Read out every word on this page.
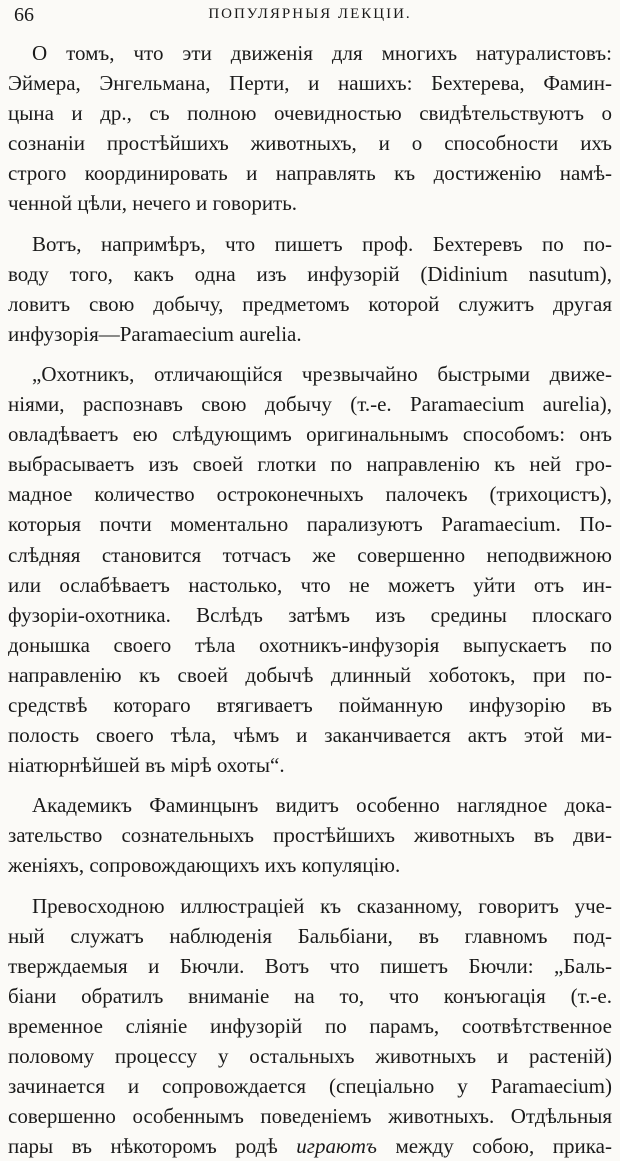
66	ПОПУЛЯРНЫЯ ЛЕКЦІИ.

О томъ, что эти движенія для многихъ натуралистовъ:
Эймера, Энгельмана, Перти, и нашихъ: Бехтерева, Фамин-
цына и др., съ полною очевидностью свидѣтельствуютъ о
сознаніи простѣйшихъ животныхъ, и о способности ихъ
строго координировать и направлять къ достиженію намѣ-
ченной цѣли, нечего и говорить.

Вотъ, напримѣръ, что пишетъ проф. Бехтеревъ по по-
воду того, какъ одна изъ инфузорій (Didinium nasutum),
ловитъ свою добычу, предметомъ которой служитъ другая
инфузорія—Paramaecium aurelia.

„Охотникъ, отличающійся чрезвычайно быстрыми движе-
ніями, распознавъ свою добычу (т.-е. Paramaecium aurelia),
овладѣваетъ ею слѣдующимъ оригинальнымъ способомъ: онъ
выбрасываетъ изъ своей глотки по направленію къ ней гро-
мадное количество остроконечныхъ палочекъ (трихоцистъ),
которыя почти моментально парализуютъ Paramaecium. По-
слѣдняя становится тотчасъ же совершенно неподвижною
или ослабѣваетъ настолько, что не можетъ уйти отъ ин-
фузоріи-охотника. Вслѣдъ затѣмъ изъ средины плоскаго
донышка своего тѣла охотникъ-инфузорія выпускаетъ по
направленію къ своей добычѣ длинный хоботокъ, при по-
средствѣ котораго втягиваетъ пойманную инфузорію въ
полость своего тѣла, чѣмъ и заканчивается актъ этой ми-
ніатюрнѣйшей въ мірѣ охоты“.

Академикъ Фаминцынъ видитъ особенно наглядное дока-
зательство сознательныхъ простѣйшихъ животныхъ въ дви-
женіяхъ, сопровождающихъ ихъ копуляцію.

Превосходною иллюстраціей къ сказанному, говоритъ уче-
ный служатъ наблюденія Бальбіани, въ главномъ под-
тверждаемыя и Бючли. Вотъ что пишетъ Бючли: „Баль-
біани обратилъ вниманіе на то, что конъюгація (т.-е.
временное сліяніе инфузорій по парамъ, соотвѣтственное
половому процессу у остальныхъ животныхъ и растеній)
зачинается и сопровождается (спеціально у Paramaecium)
совершенно особеннымъ поведеніемъ животныхъ. Отдѣльныя
пары въ нѣкоторомъ родѣ играютъ между собою, прика-
